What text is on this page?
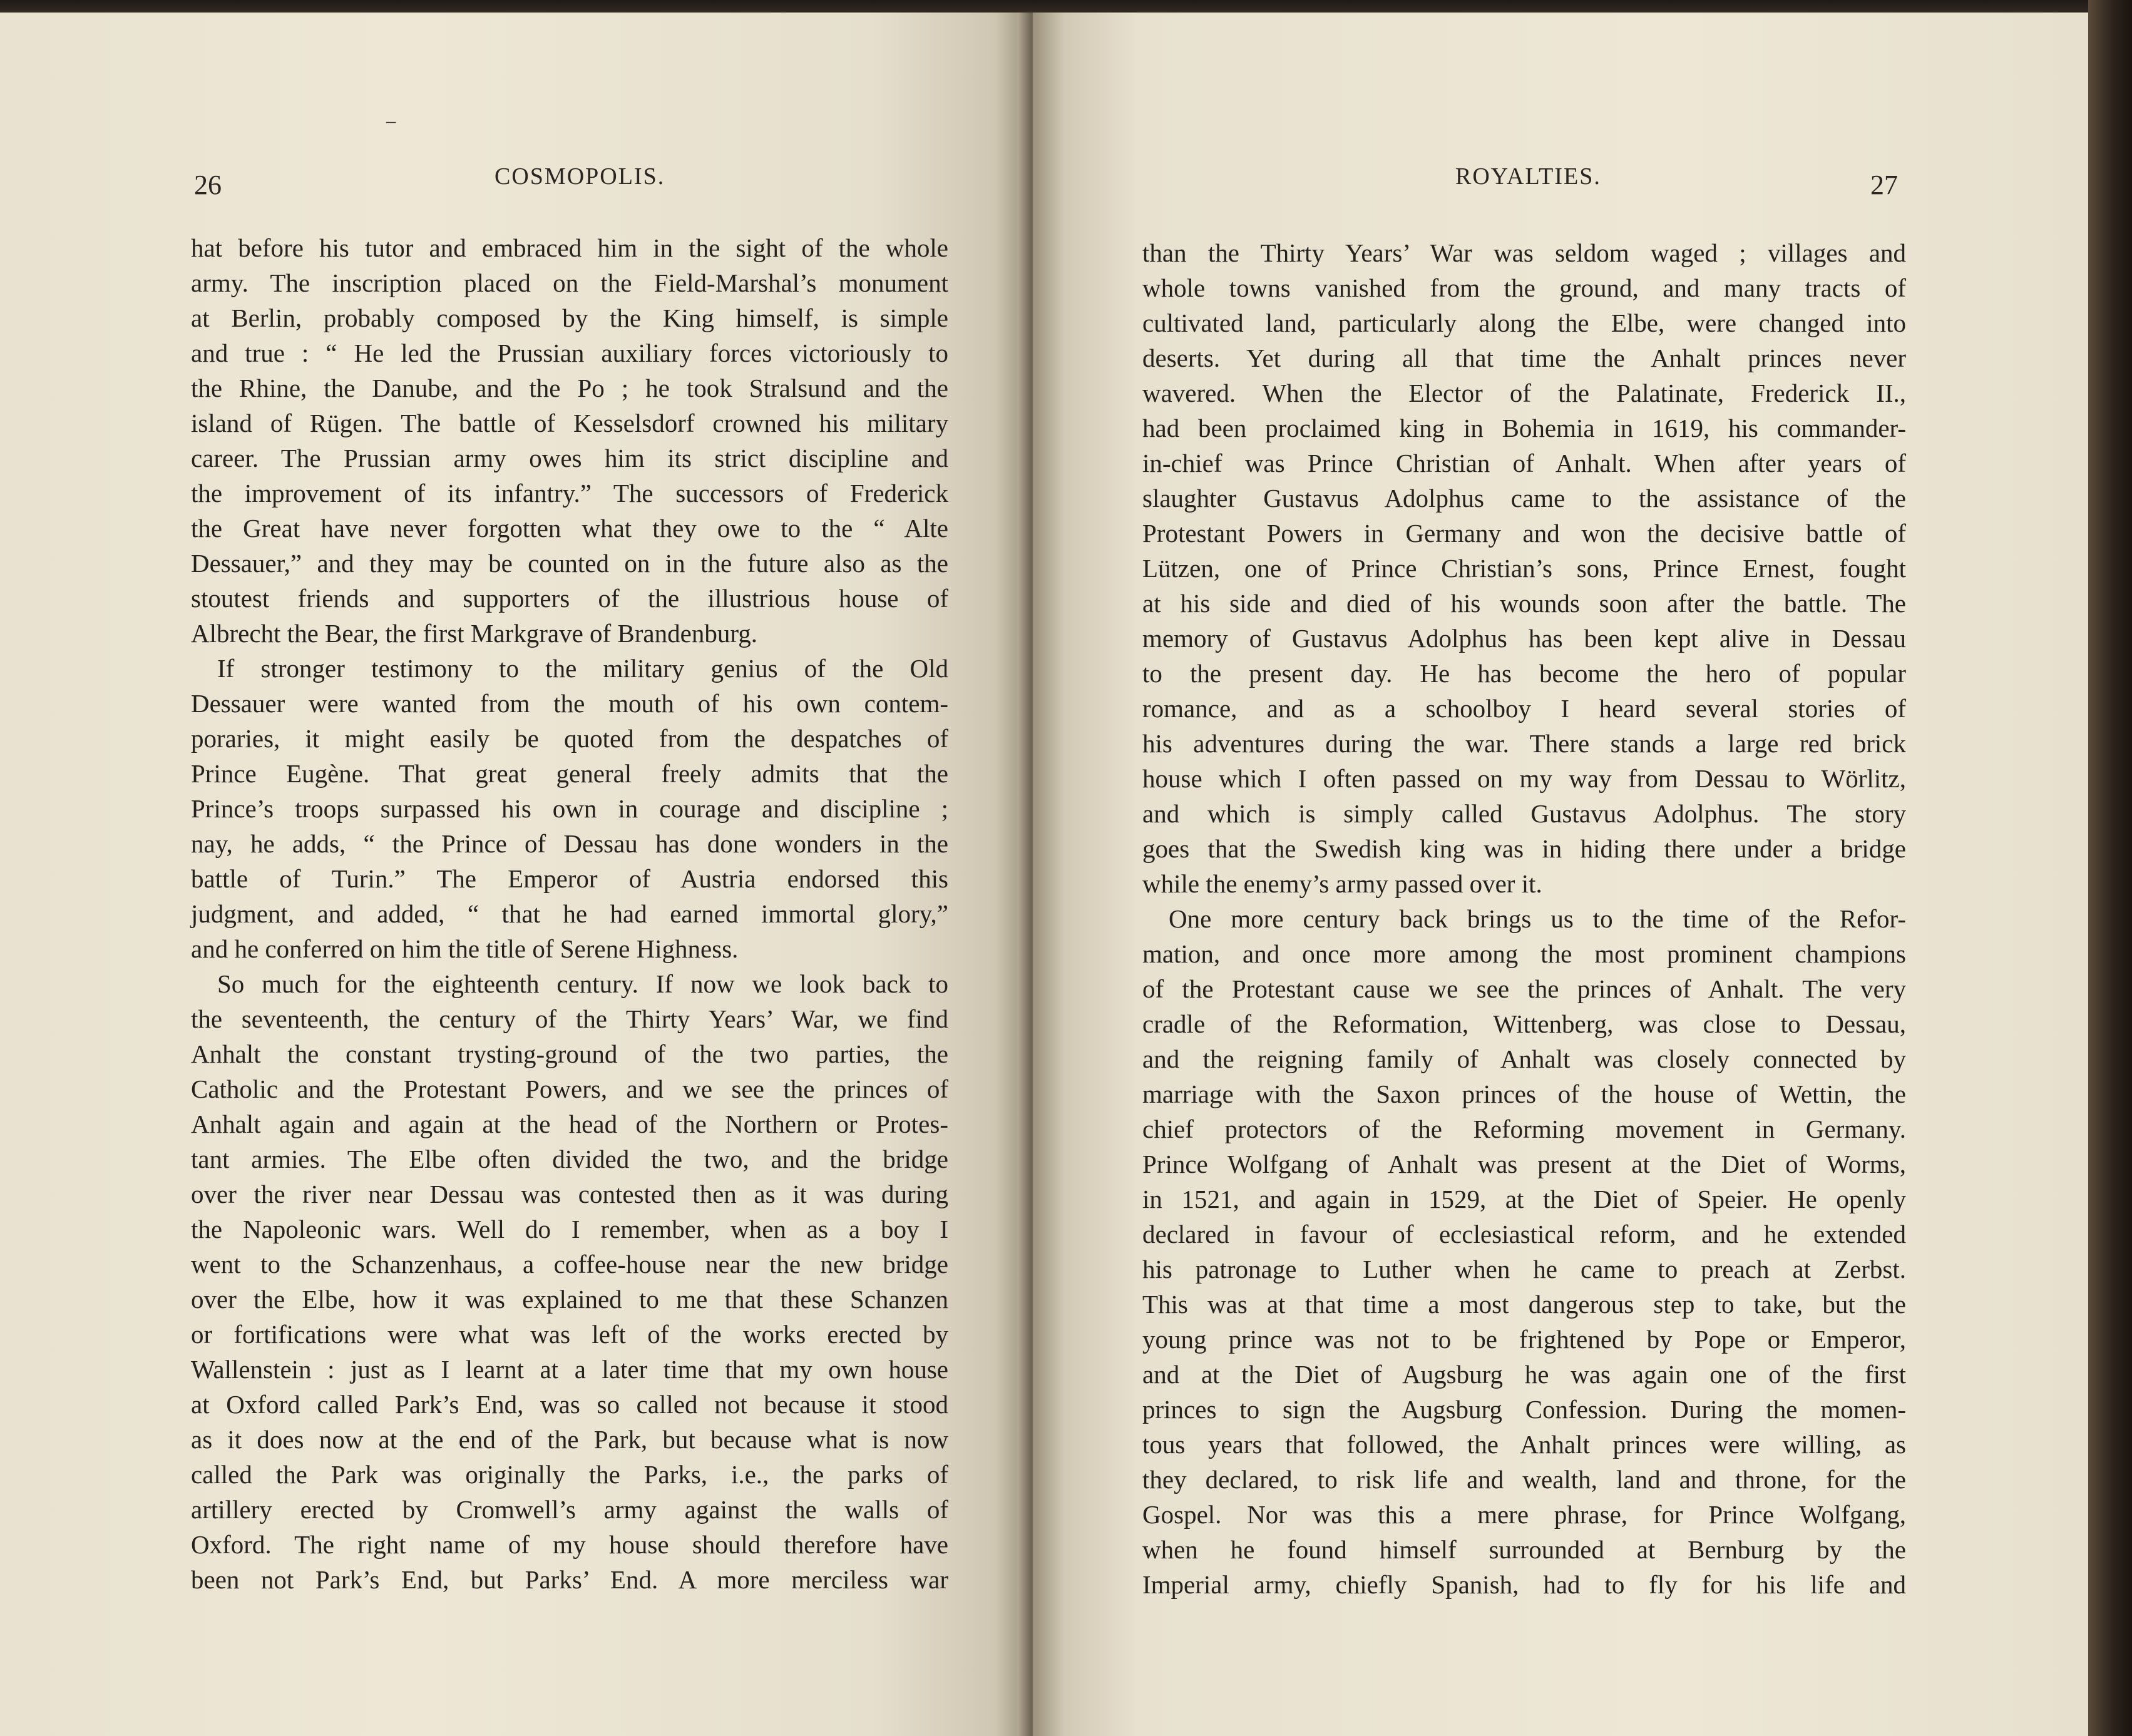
‾
26	COSMOPOLIS.
hat before his tutor and embraced him in the sight of the whole
army. The inscription placed on the Field-Marshal’s monument
at Berlin, probably composed by the King himself, is simple
and true : “ He led the Prussian auxiliary forces victoriously to
the Rhine, the Danube, and the Po ; he took Stralsund and the
island of Rügen. The battle of Kesselsdorf crowned his military
career. The Prussian army owes him its strict discipline and
the improvement of its infantry.” The successors of Frederick
the Great have never forgotten what they owe to the “ Alte
Dessauer,” and they may be counted on in the future also as the
stoutest friends and supporters of the illustrious house of
Albrecht the Bear, the first Markgrave of Brandenburg.
If stronger testimony to the military genius of the Old
Dessauer were wanted from the mouth of his own contem-
poraries, it might easily be quoted from the despatches of
Prince Eugène. That great general freely admits that the
Prince’s troops surpassed his own in courage and discipline ;
nay, he adds, “ the Prince of Dessau has done wonders in the
battle of Turin.” The Emperor of Austria endorsed this
judgment, and added, “ that he had earned immortal glory,”
and he conferred on him the title of Serene Highness.
So much for the eighteenth century. If now we look back to
the seventeenth, the century of the Thirty Years’ War, we find
Anhalt the constant trysting-ground of the two parties, the
Catholic and the Protestant Powers, and we see the princes of
Anhalt again and again at the head of the Northern or Protes-
tant armies. The Elbe often divided the two, and the bridge
over the river near Dessau was contested then as it was during
the Napoleonic wars. Well do I remember, when as a boy I
went to the Schanzenhaus, a coffee-house near the new bridge
over the Elbe, how it was explained to me that these Schanzen
or fortifications were what was left of the works erected by
Wallenstein : just as I learnt at a later time that my own house
at Oxford called Park’s End, was so called not because it stood
as it does now at the end of the Park, but because what is now
called the Park was originally the Parks, i.e., the parks of
artillery erected by Cromwell’s army against the walls of
Oxford. The right name of my house should therefore have
been not Park’s End, but Parks’ End. A more merciless war
ROYALTIES.	27
than the Thirty Years’ War was seldom waged ; villages and
whole towns vanished from the ground, and many tracts of
cultivated land, particularly along the Elbe, were changed into
deserts. Yet during all that time the Anhalt princes never
wavered. When the Elector of the Palatinate, Frederick II.,
had been proclaimed king in Bohemia in 1619, his commander-
in-chief was Prince Christian of Anhalt. When after years of
slaughter Gustavus Adolphus came to the assistance of the
Protestant Powers in Germany and won the decisive battle of
Lützen, one of Prince Christian’s sons, Prince Ernest, fought
at his side and died of his wounds soon after the battle. The
memory of Gustavus Adolphus has been kept alive in Dessau
to the present day. He has become the hero of popular
romance, and as a schoolboy I heard several stories of
his adventures during the war. There stands a large red brick
house which I often passed on my way from Dessau to Wörlitz,
and which is simply called Gustavus Adolphus. The story
goes that the Swedish king was in hiding there under a bridge
while the enemy’s army passed over it.
One more century back brings us to the time of the Refor-
mation, and once more among the most prominent champions
of the Protestant cause we see the princes of Anhalt. The very
cradle of the Reformation, Wittenberg, was close to Dessau,
and the reigning family of Anhalt was closely connected by
marriage with the Saxon princes of the house of Wettin, the
chief protectors of the Reforming movement in Germany.
Prince Wolfgang of Anhalt was present at the Diet of Worms,
in 1521, and again in 1529, at the Diet of Speier. He openly
declared in favour of ecclesiastical reform, and he extended
his patronage to Luther when he came to preach at Zerbst.
This was at that time a most dangerous step to take, but the
young prince was not to be frightened by Pope or Emperor,
and at the Diet of Augsburg he was again one of the first
princes to sign the Augsburg Confession. During the momen-
tous years that followed, the Anhalt princes were willing, as
they declared, to risk life and wealth, land and throne, for the
Gospel. Nor was this a mere phrase, for Prince Wolfgang,
when he found himself surrounded at Bernburg by the
Imperial army, chiefly Spanish, had to fly for his life and
